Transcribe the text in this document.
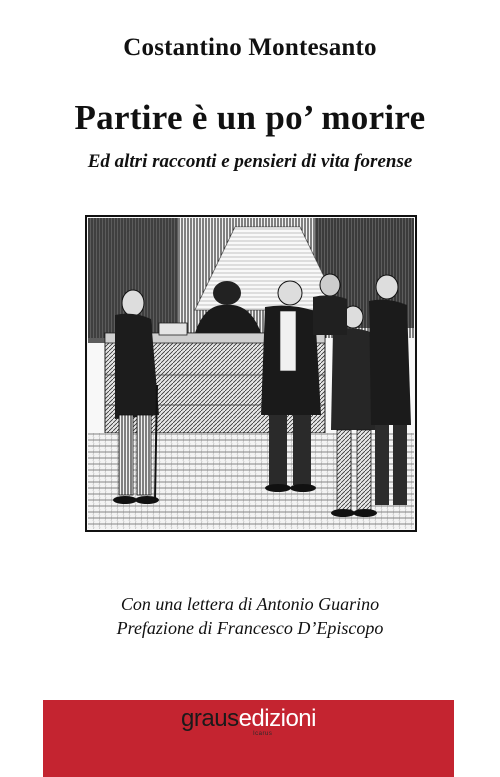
Costantino Montesanto
Partire è un po’ morire
Ed altri racconti e pensieri di vita forense
Con una lettera di Antonio Guarino
Prefazione di Francesco D’Episcopo
grausedizioni
Icarus
